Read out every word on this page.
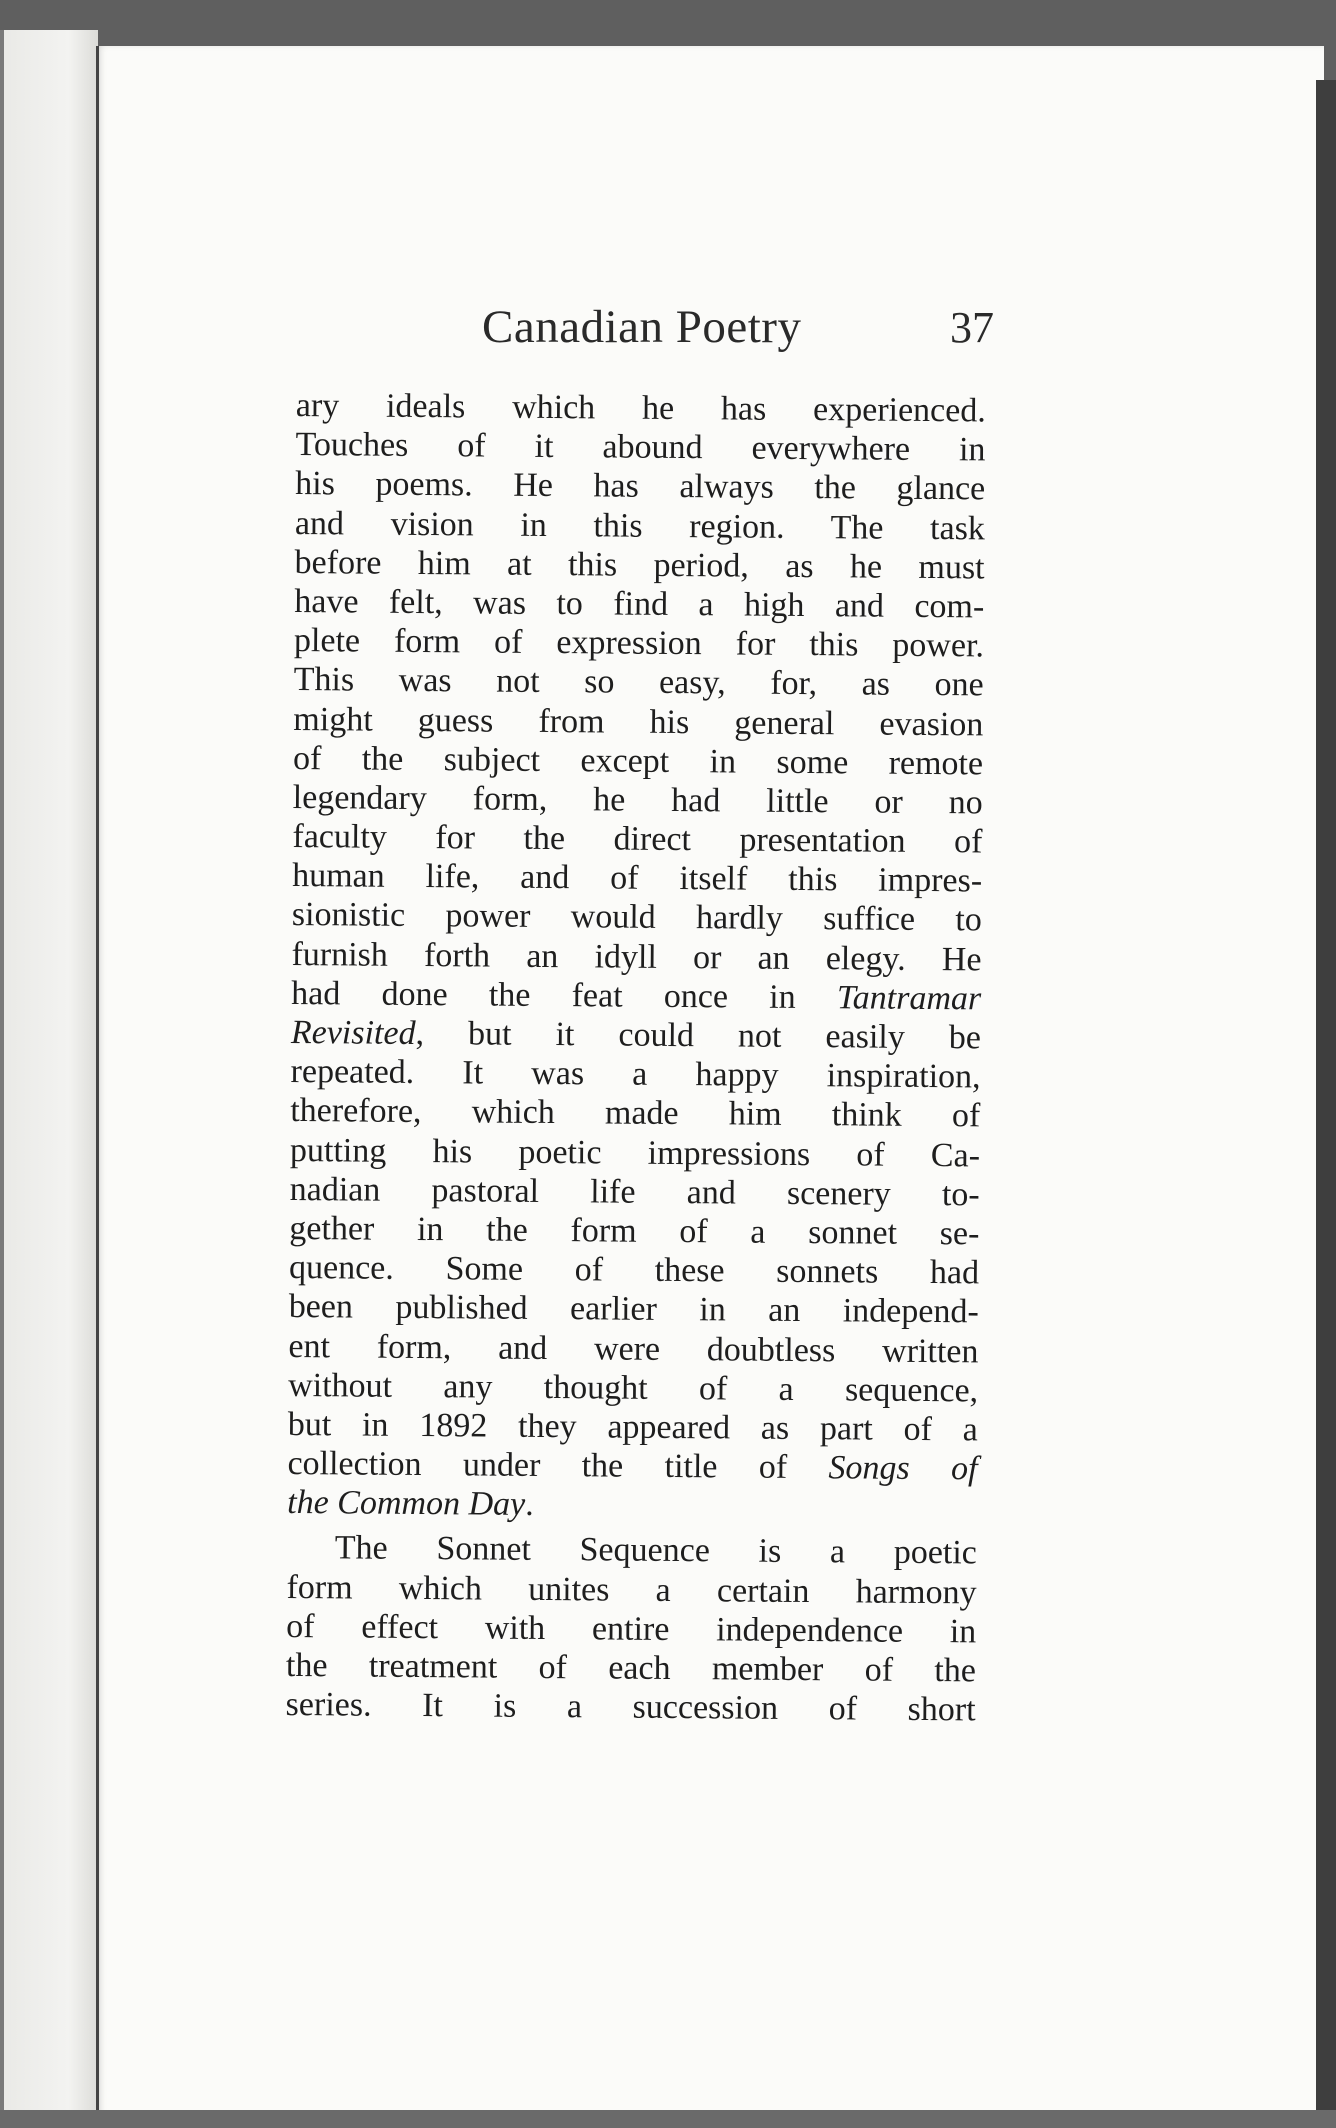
Canadian Poetry	37
ary ideals which he has experienced.
Touches of it abound everywhere in
his poems. He has always the glance
and vision in this region. The task
before him at this period, as he must
have felt, was to find a high and com-
plete form of expression for this power.
This was not so easy, for, as one
might guess from his general evasion
of the subject except in some remote
legendary form, he had little or no
faculty for the direct presentation of
human life, and of itself this impres-
sionistic power would hardly suffice to
furnish forth an idyll or an elegy. He
had done the feat once in Tantramar
Revisited, but it could not easily be
repeated. It was a happy inspiration,
therefore, which made him think of
putting his poetic impressions of Ca-
nadian pastoral life and scenery to-
gether in the form of a sonnet se-
quence. Some of these sonnets had
been published earlier in an independ-
ent form, and were doubtless written
without any thought of a sequence,
but in 1892 they appeared as part of a
collection under the title of Songs of
the Common Day.
The Sonnet Sequence is a poetic
form which unites a certain harmony
of effect with entire independence in
the treatment of each member of the
series. It is a succession of short
